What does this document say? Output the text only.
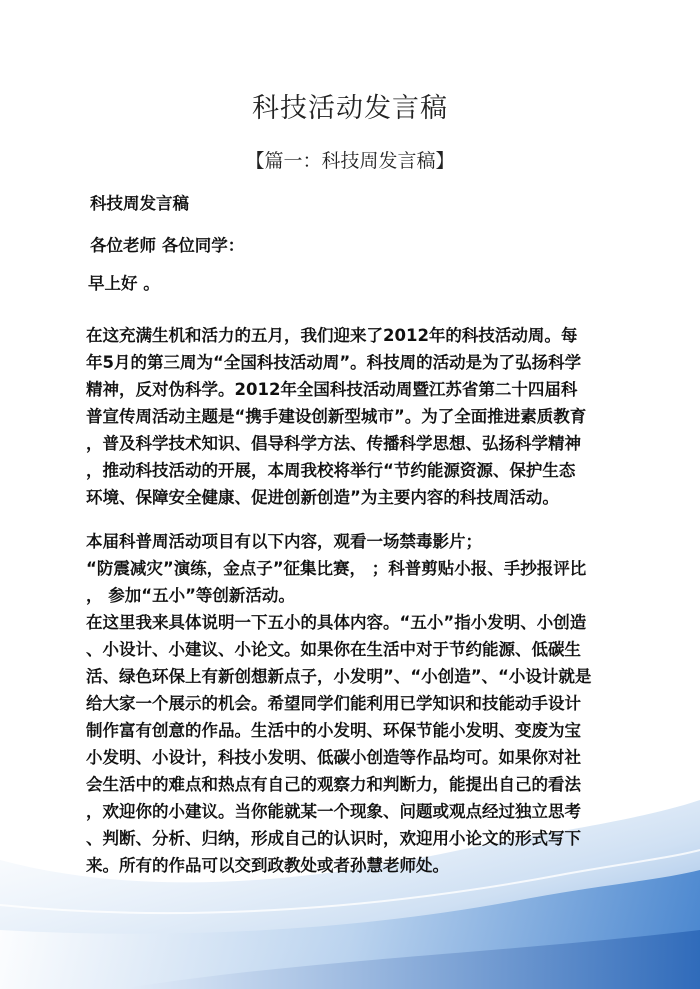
科技活动发言稿
【篇一：科技周发言稿】
科技周发言稿
各位老师 各位同学：
早上好 。
在这充满生机和活力的五月，我们迎来了2012年的科技活动周。每
年5月的第三周为“全国科技活动周”。科技周的活动是为了弘扬科学
精神，反对伪科学。2012年全国科技活动周暨江苏省第二十四届科
普宣传周活动主题是“携手建设创新型城市”。为了全面推进素质教育
，普及科学技术知识、倡导科学方法、传播科学思想、弘扬科学精神
，推动科技活动的开展，本周我校将举行“节约能源资源、保护生态
环境、保障安全健康、促进创新创造”为主要内容的科技周活动。
本届科普周活动项目有以下内容，观看一场禁毒影片；
“防震减灾”演练，金点子”征集比赛， ；科普剪贴小报、手抄报评比
， 参加“五小”等创新活动。
在这里我来具体说明一下五小的具体内容。“五小”指小发明、小创造
、小设计、小建议、小论文。如果你在生活中对于节约能源、低碳生
活、绿色环保上有新创想新点子，小发明”、“小创造”、“小设计就是
给大家一个展示的机会。希望同学们能利用已学知识和技能动手设计
制作富有创意的作品。生活中的小发明、环保节能小发明、变废为宝
小发明、小设计，科技小发明、低碳小创造等作品均可。如果你对社
会生活中的难点和热点有自己的观察力和判断力，能提出自己的看法
，欢迎你的小建议。当你能就某一个现象、问题或观点经过独立思考
、判断、分析、归纳，形成自己的认识时，欢迎用小论文的形式写下
来。所有的作品可以交到政教处或者孙慧老师处。
